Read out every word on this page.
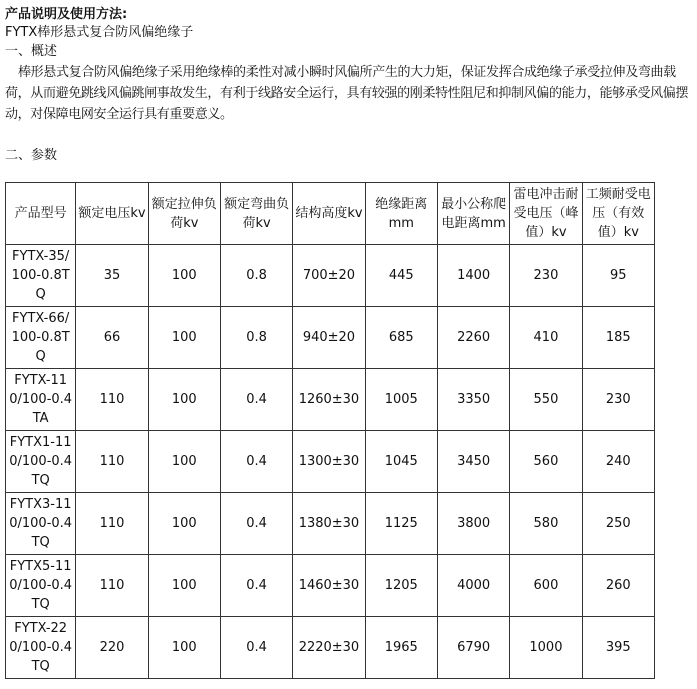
产品说明及使用方法:
FYTX棒形悬式复合防风偏绝缘子
一、概述
棒形悬式复合防风偏绝缘子采用绝缘棒的柔性对减小瞬时风偏所产生的大力矩，保证发挥合成绝缘子承受拉伸及弯曲载荷，从而避免跳线风偏跳闸事故发生，有利于线路安全运行，具有较强的刚柔特性阻尼和抑制风偏的能力，能够承受风偏摆动，对保障电网安全运行具有重要意义。
二、参数
产品型号	额定电压kv	额定拉伸负荷kv	额定弯曲负荷kv	结构高度kv	绝缘距离mm	最小公称爬电距离mm	雷电冲击耐受电压（峰值）kv	工频耐受电压（有效值）kv
FYTX-35/100-0.8TQ	35	100	0.8	700±20	445	1400	230	95
FYTX-66/100-0.8TQ	66	100	0.8	940±20	685	2260	410	185
FYTX-110/100-0.4TA	110	100	0.4	1260±30	1005	3350	550	230
FYTX1-110/100-0.4TQ	110	100	0.4	1300±30	1045	3450	560	240
FYTX3-110/100-0.4TQ	110	100	0.4	1380±30	1125	3800	580	250
FYTX5-110/100-0.4TQ	110	100	0.4	1460±30	1205	4000	600	260
FYTX-220/100-0.4TQ	220	100	0.4	2220±30	1965	6790	1000	395
